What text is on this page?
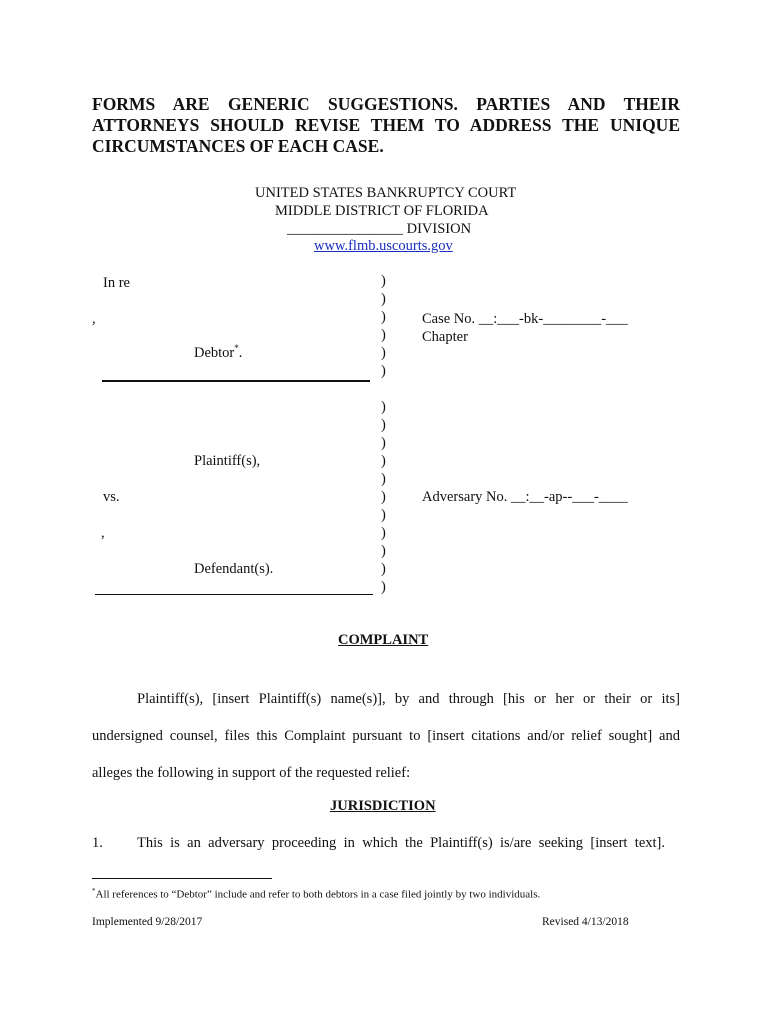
FORMS ARE GENERIC SUGGESTIONS. PARTIES AND THEIR
ATTORNEYS SHOULD REVISE THEM TO ADDRESS THE UNIQUE
CIRCUMSTANCES OF EACH CASE.
UNITED STATES BANKRUPTCY COURT
MIDDLE DISTRICT OF FLORIDA
________________ DIVISION
www.flmb.uscourts.gov
In re
,
Debtor*.
Plaintiff(s),
vs.
,
Defendant(s).
)
)
)
)
)
)

)
)
)
)
)
)
)
)
)
)
)
Case No. __:___-bk-________-___
Chapter
Adversary No. __:__-ap--___-____
COMPLAINT
Plaintiff(s), [insert Plaintiff(s) name(s)], by and through [his or her or their or its]
undersigned counsel, files this Complaint pursuant to [insert citations and/or relief sought] and
alleges the following in support of the requested relief:
JURISDICTION
1. This is an adversary proceeding in which the Plaintiff(s) is/are seeking [insert text].
*All references to “Debtor” include and refer to both debtors in a case filed jointly by two individuals.
Implemented 9/28/2017	Revised 4/13/2018
